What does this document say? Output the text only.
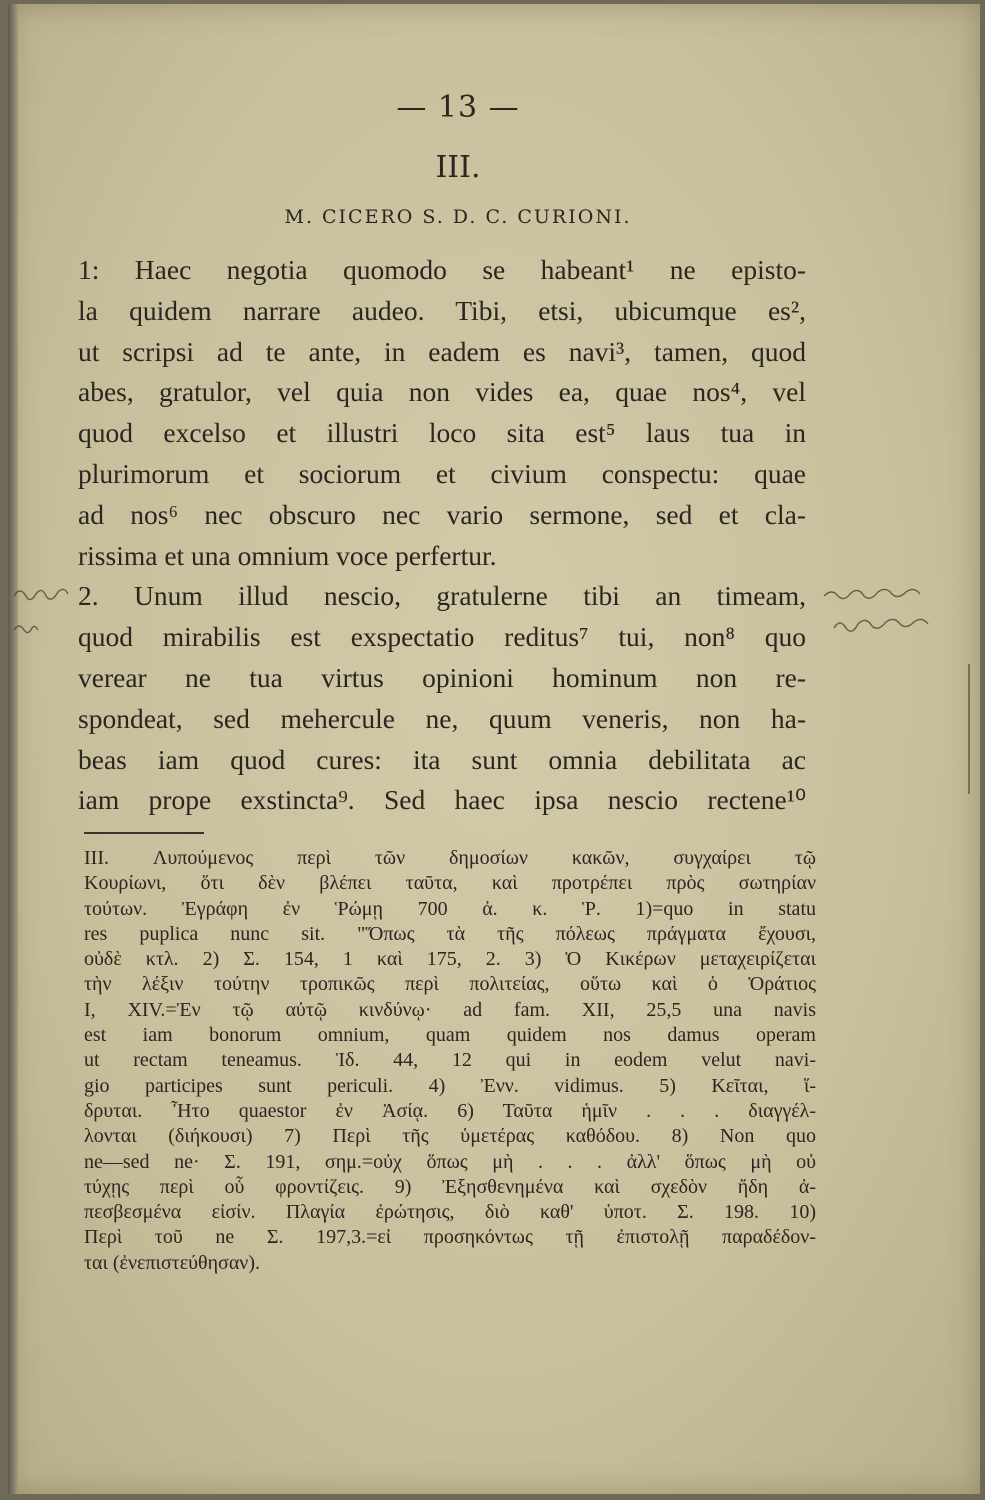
— 13 —
III.
M. CICERO S. D. C. CURIONI.
1: Haec negotia quomodo se habeant¹ ne episto-
la quidem narrare audeo. Tibi, etsi, ubicumque es²,
ut scripsi ad te ante, in eadem es navi³, tamen, quod
abes, gratulor, vel quia non vides ea, quae nos⁴, vel
quod excelso et illustri loco sita est⁵ laus tua in
plurimorum et sociorum et civium conspectu: quae
ad nos⁶ nec obscuro nec vario sermone, sed et cla-
rissima et una omnium voce perfertur.
2. Unum illud nescio, gratulerne tibi an timeam,
quod mirabilis est exspectatio reditus⁷ tui, non⁸ quo
verear ne tua virtus opinioni hominum non re-
spondeat, sed mehercule ne, quum veneris, non ha-
beas iam quod cures: ita sunt omnia debilitata ac
iam prope exstincta⁹. Sed haec ipsa nescio rectene¹⁰
III. Λυπούμενος περὶ τῶν δημοσίων κακῶν, συγχαίρει τῷ
Κουρίωνι, ὅτι δὲν βλέπει ταῦτα, καὶ προτρέπει πρὸς σωτηρίαν
τούτων. Ἐγράφη ἐν Ῥώμῃ 700 ἀ. κ. Ῥ. 1)=quo in statu
res puplica nunc sit. "Ὅπως τὰ τῆς πόλεως πράγματα ἔχουσι,
οὐδὲ κτλ. 2) Σ. 154, 1 καὶ 175, 2. 3) Ὁ Κικέρων μεταχειρίζεται
τὴν λέξιν τούτην τροπικῶς περὶ πολιτείας, οὕτω καὶ ὁ Ὁράτιος
I, XIV.=Ἐν τῷ αὐτῷ κινδύνῳ· ad fam. XII, 25,5 una navis
est iam bonorum omnium, quam quidem nos damus operam
ut rectam teneamus. Ἰδ. 44, 12 qui in eodem velut navi-
gio participes sunt periculi. 4) Ἐνν. vidimus. 5) Κεῖται, ἵ-
δρυται. Ἦτο quaestor ἐν Ἀσίᾳ. 6) Ταῦτα ἡμῖν . . . διαγγέλ-
λονται (διήκουσι) 7) Περὶ τῆς ὑμετέρας καθόδου. 8) Non quo
ne—sed ne· Σ. 191, σημ.=οὐχ ὅπως μὴ . . . ἀλλ' ὅπως μὴ οὐ
τύχῃς περὶ οὗ φροντίζεις. 9) Ἐξησθενημένα καὶ σχεδὸν ἤδη ἀ-
πεσβεσμένα εἰσίν. Πλαγία ἐρώτησις, διὸ καθ' ὑποτ. Σ. 198. 10)
Περὶ τοῦ ne Σ. 197,3.=εἰ προσηκόντως τῇ ἐπιστολῇ παραδέδον-
ται (ἐνεπιστεύθησαν).
